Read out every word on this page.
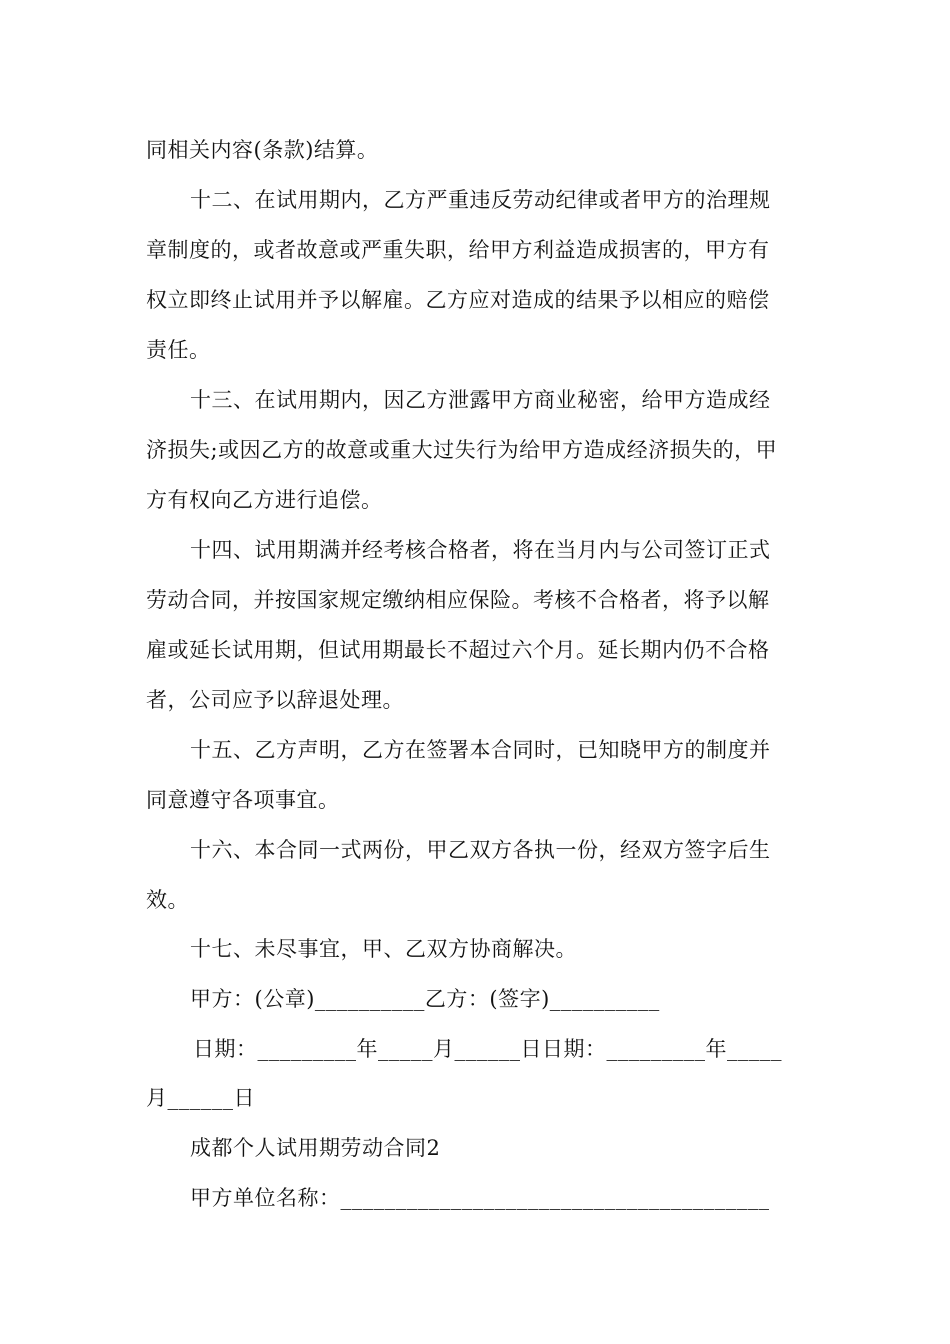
同相关内容(条款)结算。
十二、在试用期内，乙方严重违反劳动纪律或者甲方的治理规
章制度的，或者故意或严重失职，给甲方利益造成损害的，甲方有
权立即终止试用并予以解雇。乙方应对造成的结果予以相应的赔偿
责任。
十三、在试用期内，因乙方泄露甲方商业秘密，给甲方造成经
济损失;或因乙方的故意或重大过失行为给甲方造成经济损失的，甲
方有权向乙方进行追偿。
十四、试用期满并经考核合格者，将在当月内与公司签订正式
劳动合同，并按国家规定缴纳相应保险。考核不合格者，将予以解
雇或延长试用期，但试用期最长不超过六个月。延长期内仍不合格
者，公司应予以辞退处理。
十五、乙方声明，乙方在签署本合同时，已知晓甲方的制度并
同意遵守各项事宜。
十六、本合同一式两份，甲乙双方各执一份，经双方签字后生
效。
十七、未尽事宜，甲、乙双方协商解决。
甲方：(公章)__________乙方：(签字)__________
日期：_________年_____月______日日期：_________年_____
月______日
成都个人试用期劳动合同2
甲方单位名称：_______________________________________
